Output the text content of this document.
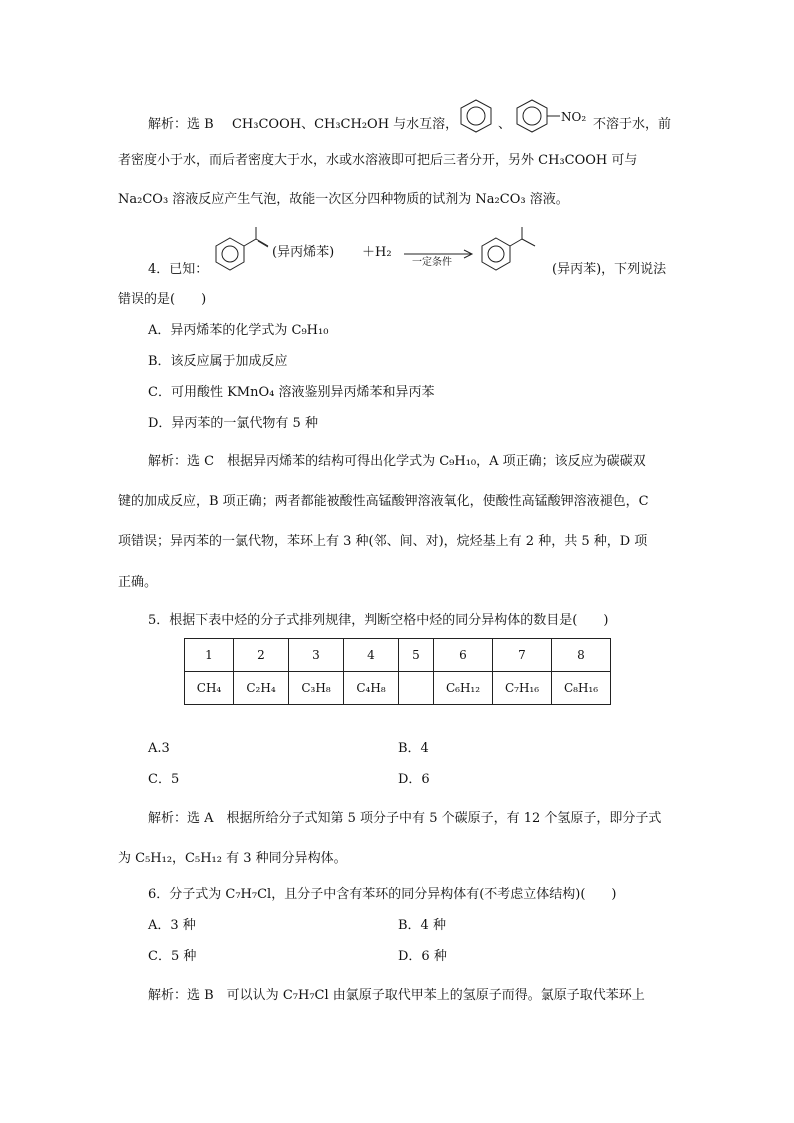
解析：选 B CH₃COOH、CH₃CH₂OH 与水互溶，	、	NO₂ 不溶于水，前
者密度小于水，而后者密度大于水，水或水溶液即可把后三者分开，另外 CH₃COOH 可与
Na₂CO₃ 溶液反应产生气泡，故能一次区分四种物质的试剂为 Na₂CO₃ 溶液。
4．已知：
(异丙烯苯) ＋H₂
一定条件	(异丙苯)，下列说法
错误的是(　　)
A．异丙烯苯的化学式为 C₉H₁₀
B．该反应属于加成反应
C．可用酸性 KMnO₄ 溶液鉴别异丙烯苯和异丙苯
D．异丙苯的一氯代物有 5 种
解析：选 C　根据异丙烯苯的结构可得出化学式为 C₉H₁₀，A 项正确；该反应为碳碳双
键的加成反应，B 项正确；两者都能被酸性高锰酸钾溶液氧化，使酸性高锰酸钾溶液褪色，C
项错误；异丙苯的一氯代物，苯环上有 3 种(邻、间、对)，烷烃基上有 2 种，共 5 种，D 项
正确。
5．根据下表中烃的分子式排列规律，判断空格中烃的同分异构体的数目是(　　)
1	2	3	4	5	6	7	8
CH₄	C₂H₄	C₃H₈	C₄H₈		C₆H₁₂	C₇H₁₆	C₈H₁₆
A.3	B．4
C．5	D．6
解析：选 A　根据所给分子式知第 5 项分子中有 5 个碳原子，有 12 个氢原子，即分子式
为 C₅H₁₂，C₅H₁₂ 有 3 种同分异构体。
6．分子式为 C₇H₇Cl，且分子中含有苯环的同分异构体有(不考虑立体结构)(　　)
A．3 种	B．4 种
C．5 种	D．6 种
解析：选 B　可以认为 C₇H₇Cl 由氯原子取代甲苯上的氢原子而得。氯原子取代苯环上
